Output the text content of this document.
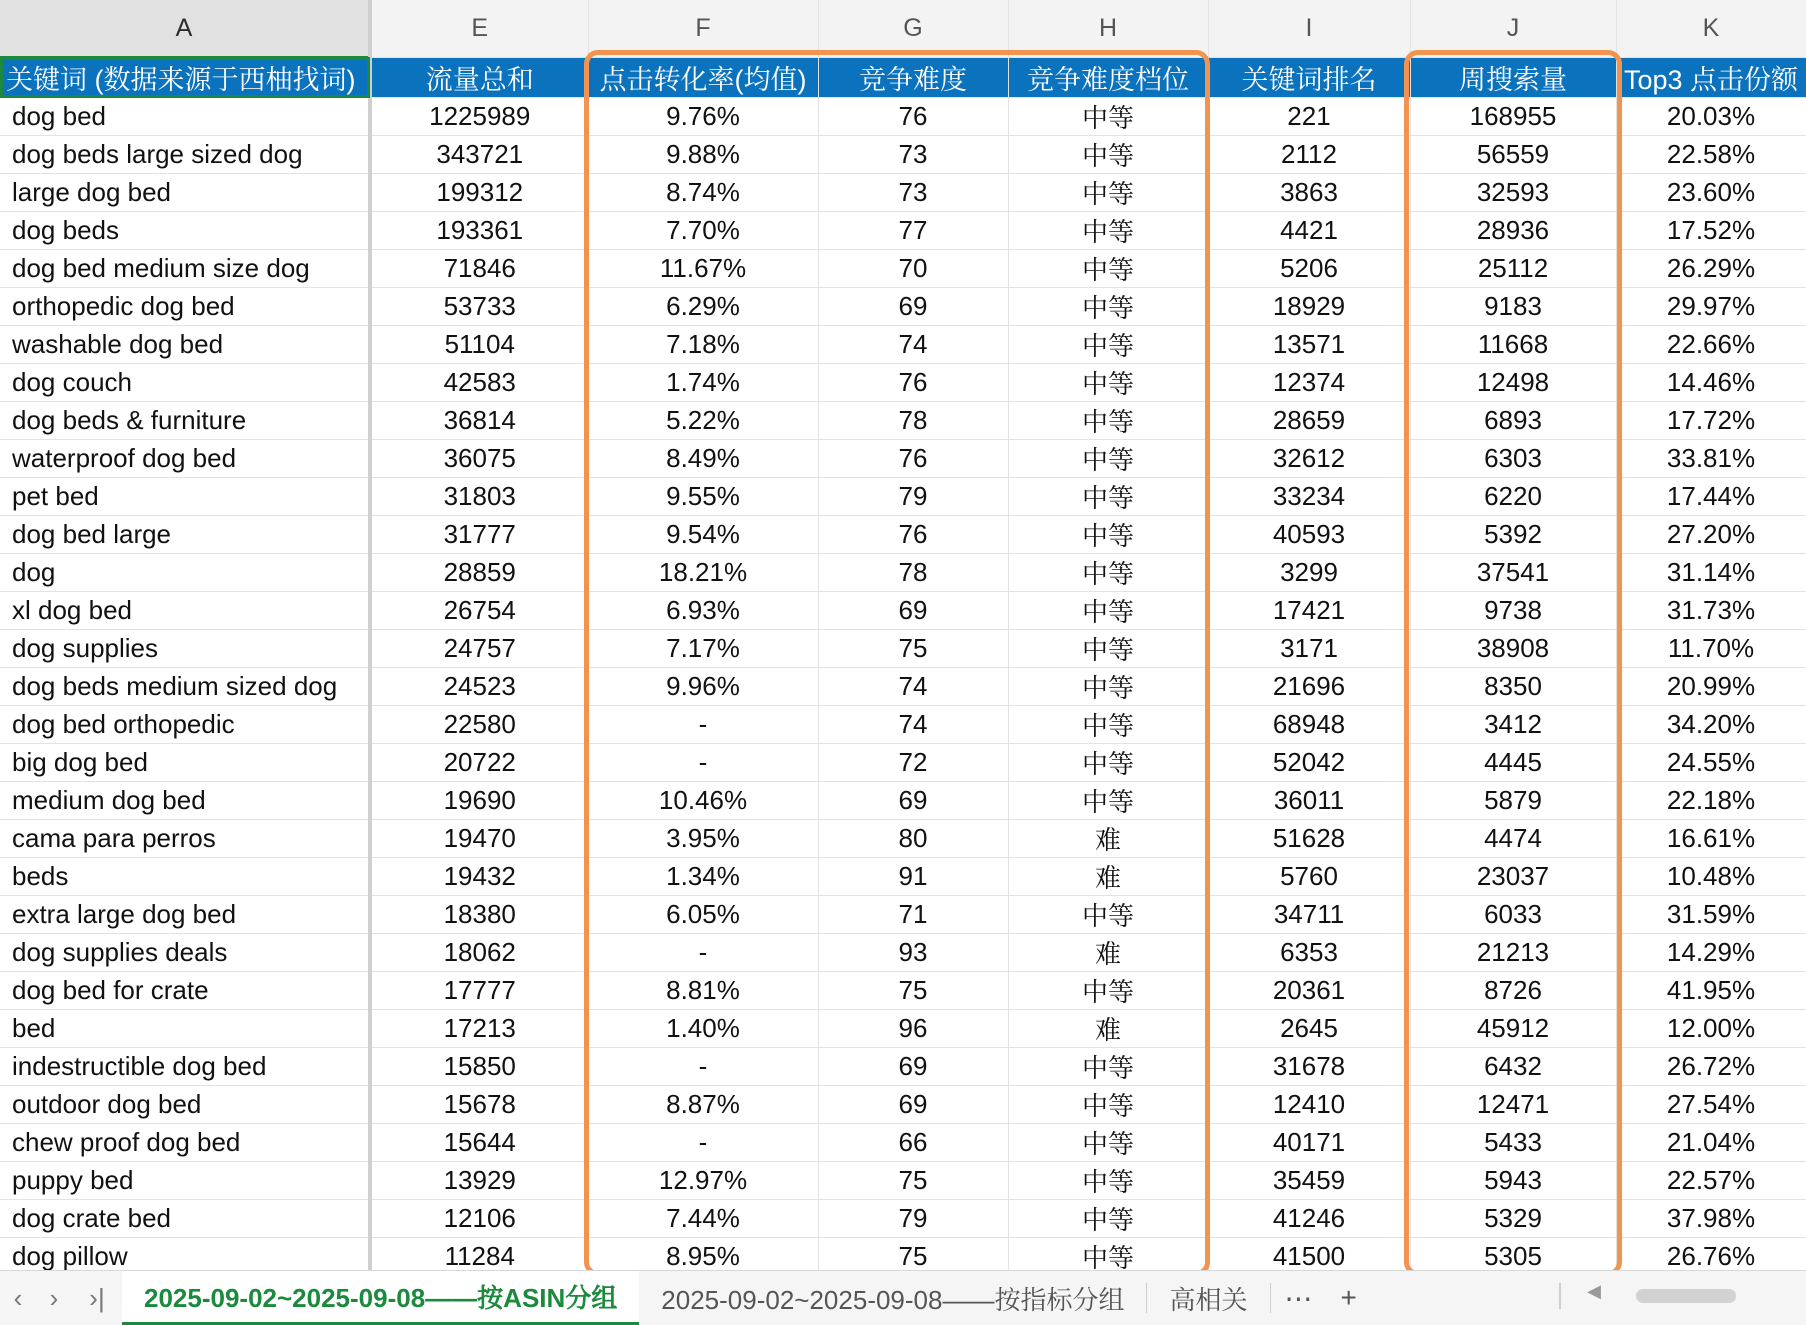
A	E	F	G	H	I	J	K
关键词 (数据来源于西柚找词)	流量总和	点击转化率(均值)	竞争难度	竞争难度档位	关键词排名	周搜索量	Top3 点击份额
dog bed	1225989	9.76%	76	中等	221	168955	20.03%
dog beds large sized dog	343721	9.88%	73	中等	2112	56559	22.58%
large dog bed	199312	8.74%	73	中等	3863	32593	23.60%
dog beds	193361	7.70%	77	中等	4421	28936	17.52%
dog bed medium size dog	71846	11.67%	70	中等	5206	25112	26.29%
orthopedic dog bed	53733	6.29%	69	中等	18929	9183	29.97%
washable dog bed	51104	7.18%	74	中等	13571	11668	22.66%
dog couch	42583	1.74%	76	中等	12374	12498	14.46%
dog beds & furniture	36814	5.22%	78	中等	28659	6893	17.72%
waterproof dog bed	36075	8.49%	76	中等	32612	6303	33.81%
pet bed	31803	9.55%	79	中等	33234	6220	17.44%
dog bed large	31777	9.54%	76	中等	40593	5392	27.20%
dog	28859	18.21%	78	中等	3299	37541	31.14%
xl dog bed	26754	6.93%	69	中等	17421	9738	31.73%
dog supplies	24757	7.17%	75	中等	3171	38908	11.70%
dog beds medium sized dog	24523	9.96%	74	中等	21696	8350	20.99%
dog bed orthopedic	22580	-	74	中等	68948	3412	34.20%
big dog bed	20722	-	72	中等	52042	4445	24.55%
medium dog bed	19690	10.46%	69	中等	36011	5879	22.18%
cama para perros	19470	3.95%	80	难	51628	4474	16.61%
beds	19432	1.34%	91	难	5760	23037	10.48%
extra large dog bed	18380	6.05%	71	中等	34711	6033	31.59%
dog supplies deals	18062	-	93	难	6353	21213	14.29%
dog bed for crate	17777	8.81%	75	中等	20361	8726	41.95%
bed	17213	1.40%	96	难	2645	45912	12.00%
indestructible dog bed	15850	-	69	中等	31678	6432	26.72%
outdoor dog bed	15678	8.87%	69	中等	12410	12471	27.54%
chew proof dog bed	15644	-	66	中等	40171	5433	21.04%
puppy bed	13929	12.97%	75	中等	35459	5943	22.57%
dog crate bed	12106	7.44%	79	中等	41246	5329	37.98%
dog pillow	11284	8.95%	75	中等	41500	5305	26.76%
‹	›	›|	2025-09-02~2025-09-08——按ASIN分组	2025-09-02~2025-09-08——按指标分组	高相关	⋯	+	◀
